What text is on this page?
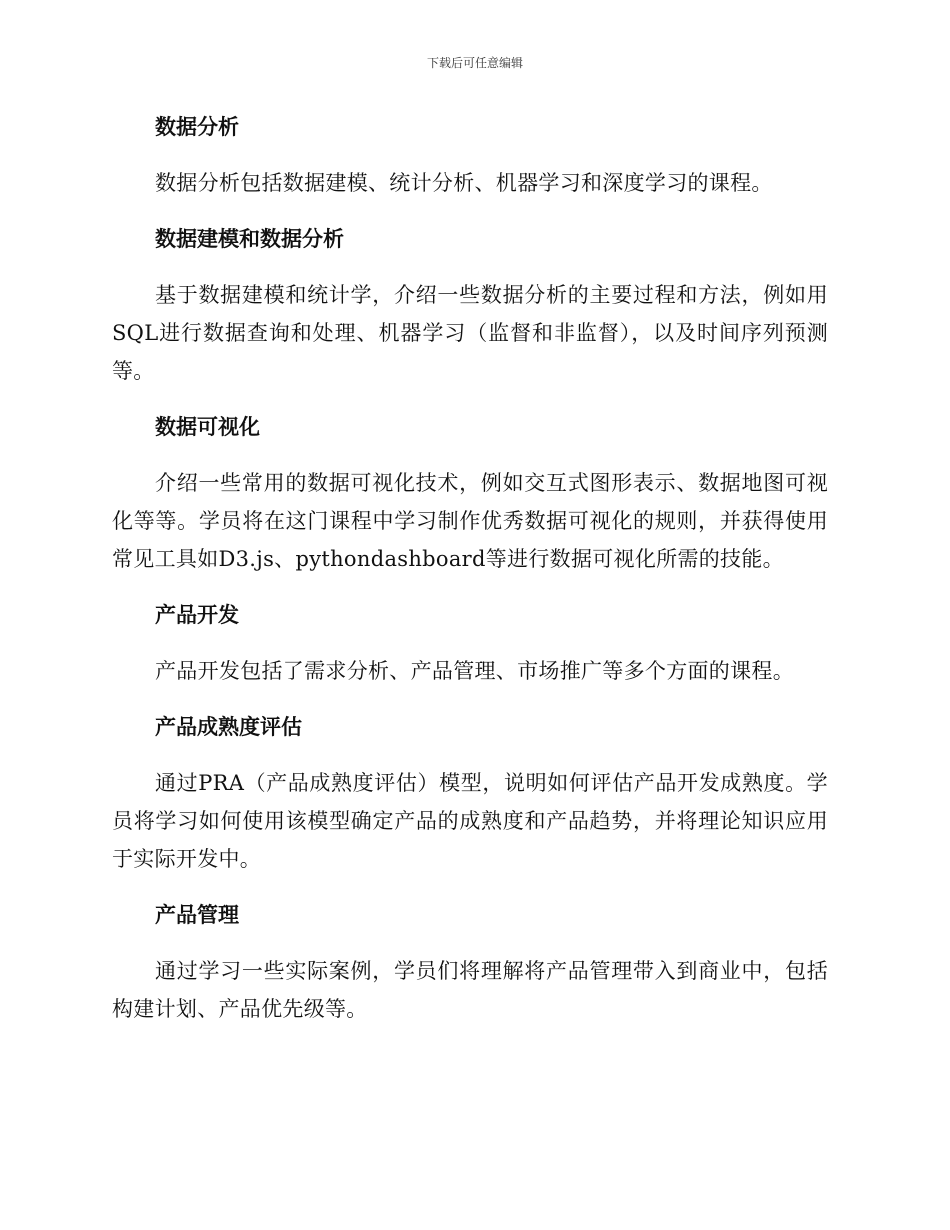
下载后可任意编辑
数据分析
数据分析包括数据建模、统计分析、机器学习和深度学习的课程。
数据建模和数据分析
基于数据建模和统计学，介绍一些数据分析的主要过程和方法，例如用SQL进行数据查询和处理、机器学习（监督和非监督），以及时间序列预测等。
数据可视化
介绍一些常用的数据可视化技术，例如交互式图形表示、数据地图可视化等等。学员将在这门课程中学习制作优秀数据可视化的规则，并获得使用常见工具如D3.js、pythondashboard等进行数据可视化所需的技能。
产品开发
产品开发包括了需求分析、产品管理、市场推广等多个方面的课程。
产品成熟度评估
通过PRA（产品成熟度评估）模型，说明如何评估产品开发成熟度。学员将学习如何使用该模型确定产品的成熟度和产品趋势，并将理论知识应用于实际开发中。
产品管理
通过学习一些实际案例，学员们将理解将产品管理带入到商业中，包括构建计划、产品优先级等。
